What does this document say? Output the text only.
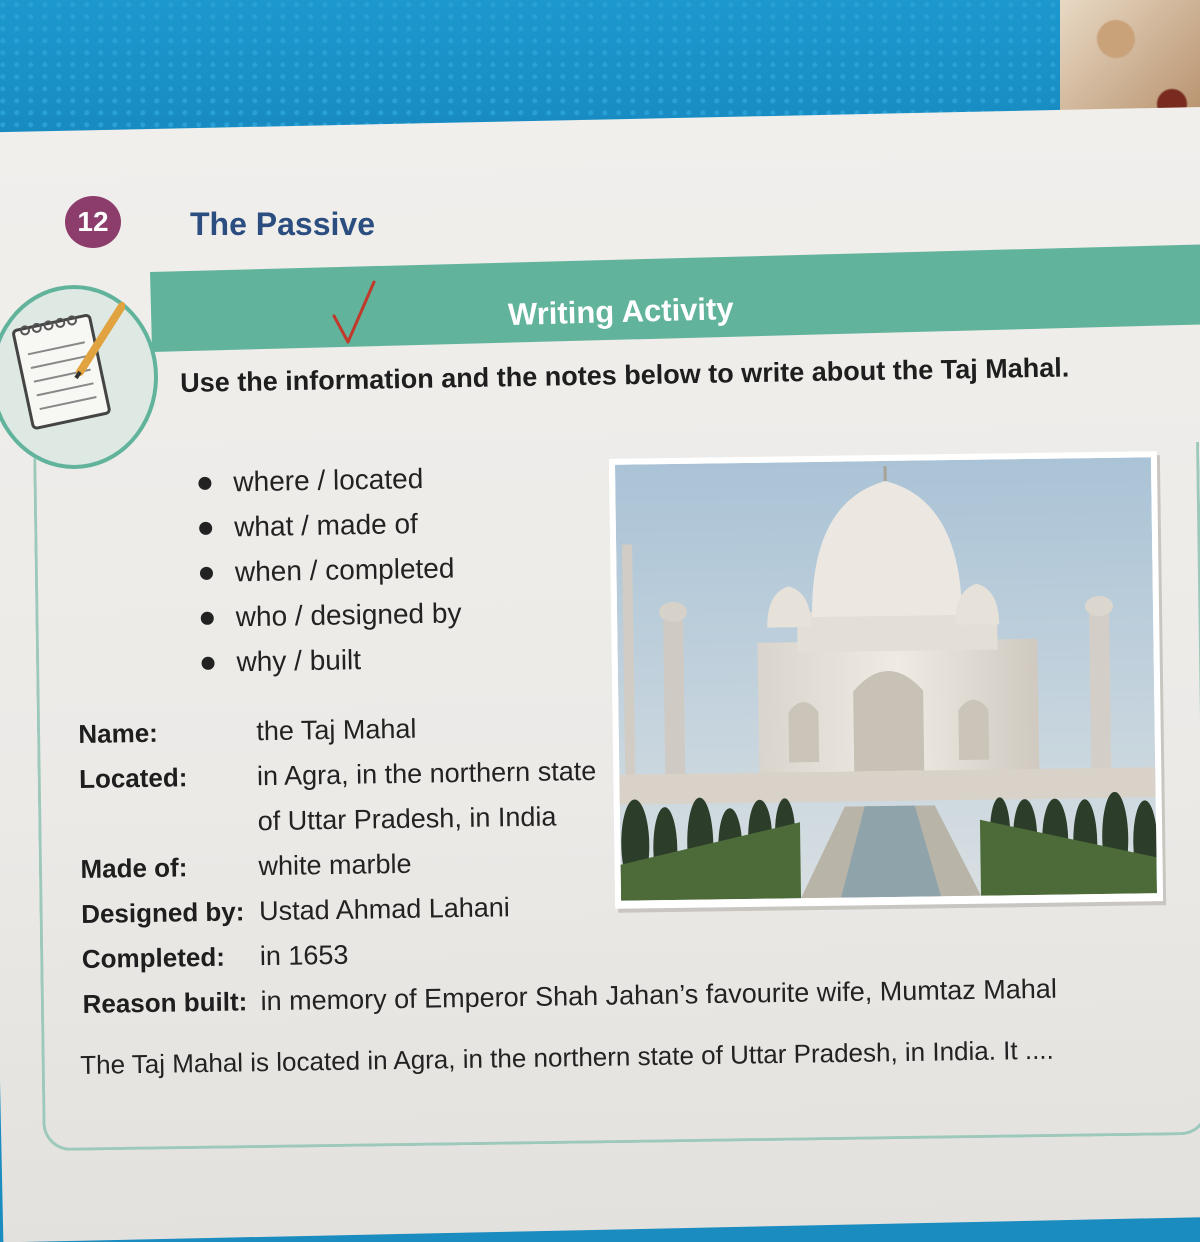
12	The Passive
Writing Activity
Use the information and the notes below to write about the Taj Mahal.
where / located
what / made of
when / completed
who / designed by
why / built
Name:	the Taj Mahal
Located:	in Agra, in the northern state
of Uttar Pradesh, in India
Made of:	white marble
Designed by: Ustad Ahmad Lahani
Completed:	in 1653
Reason built: in memory of Emperor Shah Jahan’s favourite wife, Mumtaz Mahal
The Taj Mahal is located in Agra, in the northern state of Uttar Pradesh, in India. It ....
